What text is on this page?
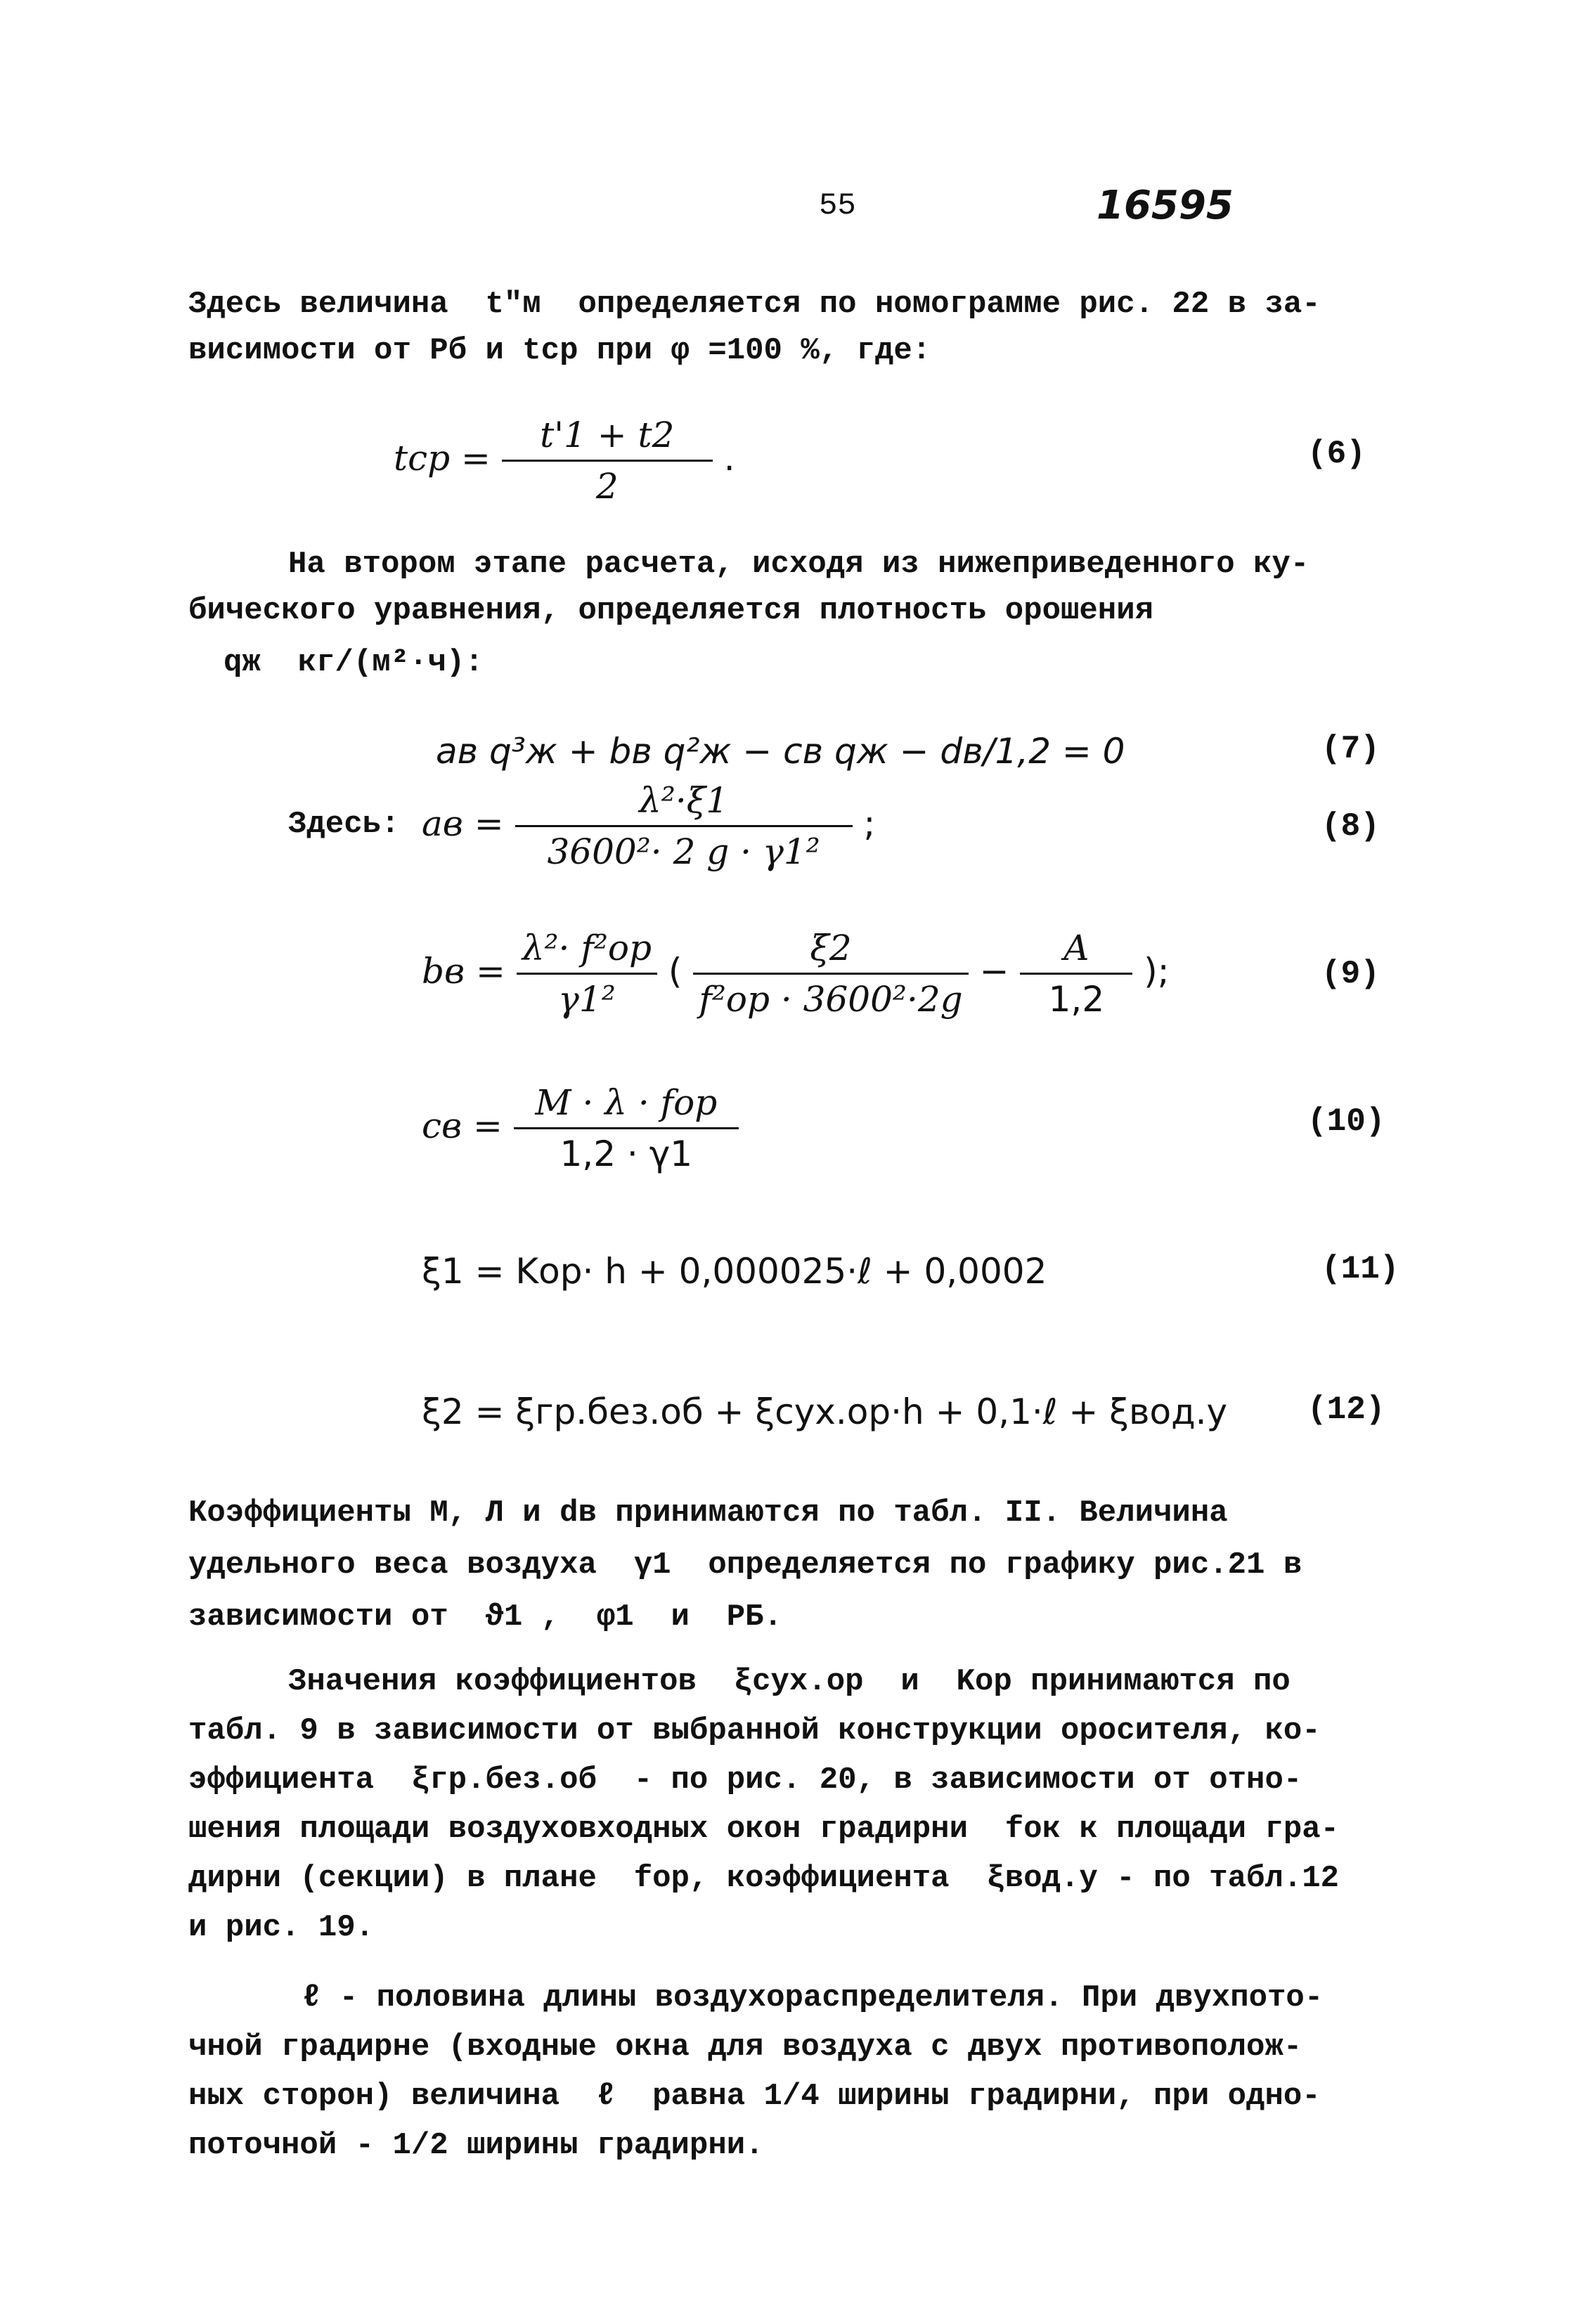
55	16595
Здесь величина  t"м  определяется по номограмме рис. 22 в за-
висимости от Pб и tср при φ =100 %, где:
tср = $\frac{t'1 + t2}{2}$ .	(6)
На втором этапе расчета, исходя из нижеприведенного ку-
бического уравнения, определяется плотность орошения
qж  кг/(м²·ч):
aв q³ж + bв q²ж − cв qж − dв/1,2 = 0	(7)
Здесь: aв = $\frac{\text{λ²·ξ1}}{\text{3600²· 2 g · γ1²}}$ ;	(8)
bв = $\frac{\text{λ²· f²ор}}{\text{γ1²}}$ ( $\frac{\xi 2}{\text{f²ор · 3600²·2g}} - \frac{A}{1,2}$ );	(9)
cв = $\frac{\text{M · λ · fор}}{1,2 \cdot \gamma 1}$	(10)
ξ1 = Kор· h + 0,000025·ℓ + 0,0002	(11)
ξ2 = ξгр.без.об + ξсух.ор·h + 0,1·ℓ + ξвод.у (12)
Коэффициенты M, Л и dв принимаются по табл. II. Величина
удельного веса воздуха  γ1  определяется по графику рис.21 в
зависимости от  ϑ1 ,  φ1  и  PБ.
Значения коэффициентов  ξсух.ор  и  Kор принимаются по
табл. 9 в зависимости от выбранной конструкции оросителя, ко-
эффициента  ξгр.без.об  - по рис. 20, в зависимости от отно-
шения площади воздуховходных окон градирни  fок к площади гра-
дирни (секции) в плане  fор, коэффициента  ξвод.у - по табл.12
и рис. 19.
ℓ - половина длины воздухораспределителя. При двухпото-
чной градирне (входные окна для воздуха с двух противополож-
ных сторон) величина  ℓ  равна 1/4 ширины градирни, при одно-
поточной - 1/2 ширины градирни.
